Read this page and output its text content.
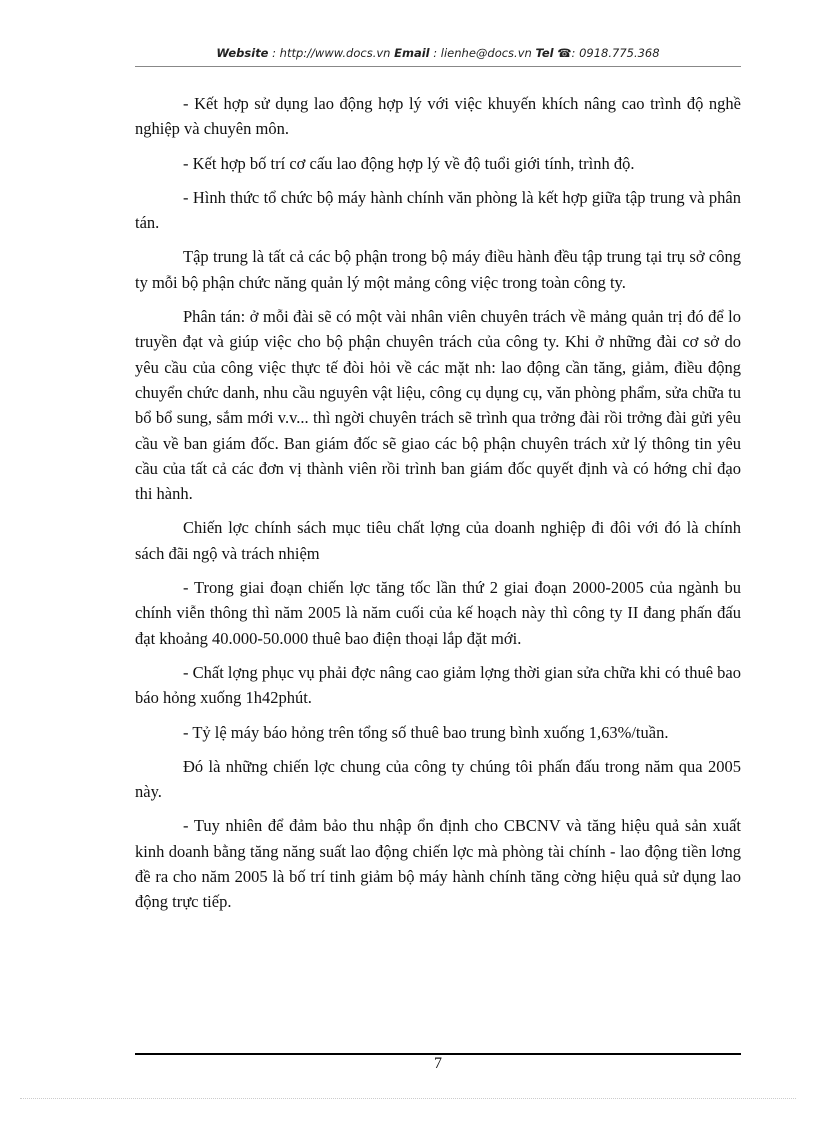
Website : http://www.docs.vn Email : lienhe@docs.vn Tel ☎: 0918.775.368

- Kết hợp sử dụng lao động hợp lý với việc khuyến khích nâng cao trình độ nghề nghiệp và chuyên môn.

- Kết hợp bố trí cơ cấu lao động hợp lý về độ tuổi giới tính, trình độ.

- Hình thức tổ chức bộ máy hành chính văn phòng là kết hợp giữa tập trung và phân tán.

Tập trung là tất cả các bộ phận trong bộ máy điều hành đều tập trung tại trụ sở công ty mỗi bộ phận chức năng quản lý một mảng công việc trong toàn công ty.

Phân tán: ở mỗi đài sẽ có một vài nhân viên chuyên trách về mảng quản trị đó để lo truyền đạt và giúp việc cho bộ phận chuyên trách của công ty. Khi ở những đài cơ sở do yêu cầu của công việc thực tế đòi hỏi về các mặt nh: lao động cần tăng, giảm, điều động chuyển chức danh, nhu cầu nguyên vật liệu, công cụ dụng cụ, văn phòng phẩm, sửa chữa tu bổ bổ sung, sắm mới v.v... thì ngời chuyên trách sẽ trình qua trởng đài rồi trởng đài gửi yêu cầu về ban giám đốc. Ban giám đốc sẽ giao các bộ phận chuyên trách xử lý thông tin yêu cầu của tất cả các đơn vị thành viên rồi trình ban giám đốc quyết định và có hớng chỉ đạo thi hành.

Chiến lợc chính sách mục tiêu chất lợng của doanh nghiệp đi đôi với đó là chính sách đãi ngộ và trách nhiệm

- Trong giai đoạn chiến lợc tăng tốc lần thứ 2 giai đoạn 2000-2005 của ngành bu chính viễn thông thì năm 2005 là năm cuối của kế hoạch này thì công ty II đang phấn đấu đạt khoảng 40.000-50.000 thuê bao điện thoại lắp đặt mới.

- Chất lợng phục vụ phải đợc nâng cao giảm lợng thời gian sửa chữa khi có thuê bao báo hỏng xuống 1h42phút.

- Tỷ lệ máy báo hỏng trên tổng số thuê bao trung bình xuống 1,63%/tuần.

Đó là những chiến lợc chung của công ty chúng tôi phấn đấu trong năm qua 2005 này.

- Tuy nhiên để đảm bảo thu nhập ổn định cho CBCNV và tăng hiệu quả sản xuất kinh doanh bằng tăng năng suất lao động chiến lợc mà phòng tài chính - lao động tiền lơng đề ra cho năm 2005 là bố trí tinh giảm bộ máy hành chính tăng cờng hiệu quả sử dụng lao động trực tiếp.

7
